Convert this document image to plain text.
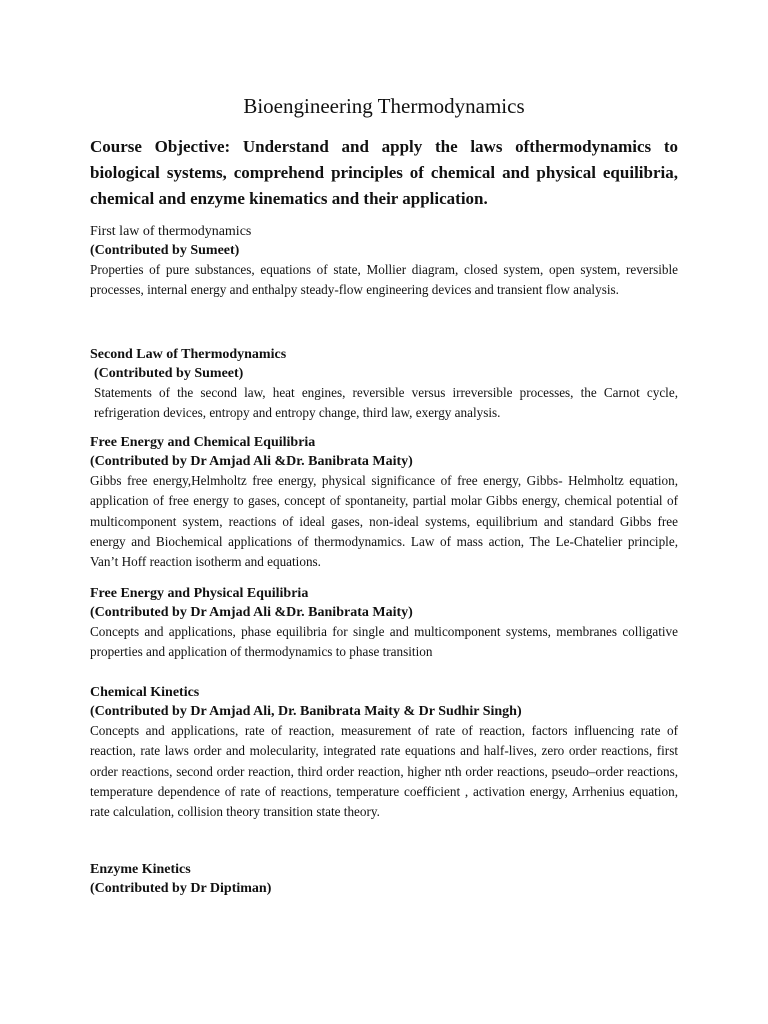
Bioengineering Thermodynamics
Course Objective: Understand and apply the laws ofthermodynamics to biological systems, comprehend principles of chemical and physical equilibria, chemical and enzyme kinematics and their application.

First law of thermodynamics

(Contributed by Sumeet)

Properties of pure substances, equations of state, Mollier diagram, closed system, open system, reversible processes, internal energy and enthalpy steady-flow engineering devices and transient flow analysis.

Second Law of Thermodynamics

(Contributed by Sumeet)

Statements of the second law, heat engines, reversible versus irreversible processes, the Carnot cycle, refrigeration devices, entropy and entropy change, third law, exergy analysis.

Free Energy and Chemical Equilibria

(Contributed by Dr Amjad Ali &Dr. Banibrata Maity)

Gibbs free energy,Helmholtz free energy, physical significance of free energy, Gibbs- Helmholtz equation, application of free energy to gases, concept of spontaneity, partial molar Gibbs energy, chemical potential of multicomponent system, reactions of ideal gases, non-ideal systems, equilibrium and standard Gibbs free energy and Biochemical applications of thermodynamics. Law of mass action, The Le-Chatelier principle, Van’t Hoff reaction isotherm and equations.

Free Energy and Physical Equilibria

(Contributed by Dr Amjad Ali &Dr. Banibrata Maity)

Concepts and applications, phase equilibria for single and multicomponent systems, membranes colligative properties and application of thermodynamics to phase transition

Chemical Kinetics

(Contributed by Dr Amjad Ali, Dr. Banibrata Maity & Dr Sudhir Singh)

Concepts and applications, rate of reaction, measurement of rate of reaction, factors influencing rate of reaction, rate laws order and molecularity, integrated rate equations and half-lives, zero order reactions, first order reactions, second order reaction, third order reaction, higher nth order reactions, pseudo–order reactions, temperature dependence of rate of reactions, temperature coefficient , activation energy, Arrhenius equation, rate calculation, collision theory transition state theory.

Enzyme Kinetics

(Contributed by Dr Diptiman)
